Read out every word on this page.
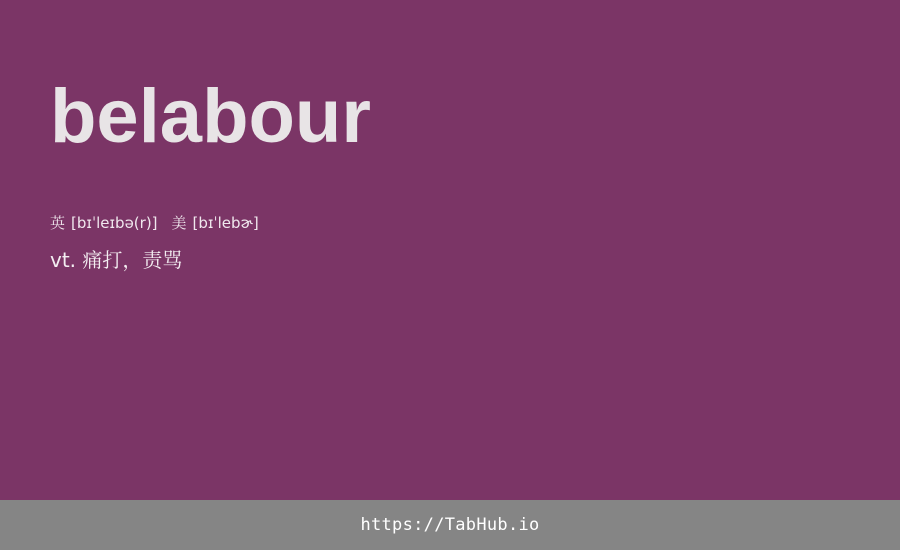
belabour
英 [bɪˈleɪbə(r)] 美 [bɪˈlebɚ]
vt. 痛打，责骂
https://TabHub.io
